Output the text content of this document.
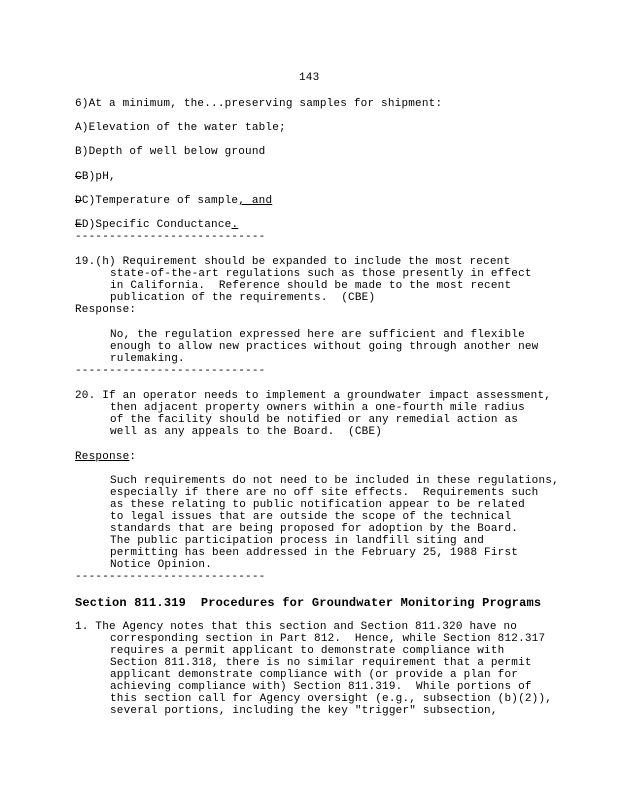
143
6)At a minimum, the...preserving samples for shipment:
A)Elevation of the water table;
B)Depth of well below ground
CB)pH,
DC)Temperature of sample, and
ED)Specific Conductance.
----------------------------
19.(h) Requirement should be expanded to include the most recent
state-of-the-art regulations such as those presently in effect
in California.  Reference should be made to the most recent
publication of the requirements.  (CBE)
Response:
No, the regulation expressed here are sufficient and flexible
enough to allow new practices without going through another new
rulemaking.
----------------------------
20. If an operator needs to implement a groundwater impact assessment,
then adjacent property owners within a one-fourth mile radius
of the facility should be notified or any remedial action as
well as any appeals to the Board.  (CBE)
Response:
Such requirements do not need to be included in these regulations,
especially if there are no off site effects.  Requirements such
as these relating to public notification appear to be related
to legal issues that are outside the scope of the technical
standards that are being proposed for adoption by the Board.
The public participation process in landfill siting and
permitting has been addressed in the February 25, 1988 First
Notice Opinion.
----------------------------
Section 811.319  Procedures for Groundwater Monitoring Programs
1. The Agency notes that this section and Section 811.320 have no
corresponding section in Part 812.  Hence, while Section 812.317
requires a permit applicant to demonstrate compliance with
Section 811.318, there is no similar requirement that a permit
applicant demonstrate compliance with (or provide a plan for
achieving compliance with) Section 811.319.  While portions of
this section call for Agency oversight (e.g., subsection (b)(2)),
several portions, including the key "trigger" subsection,
